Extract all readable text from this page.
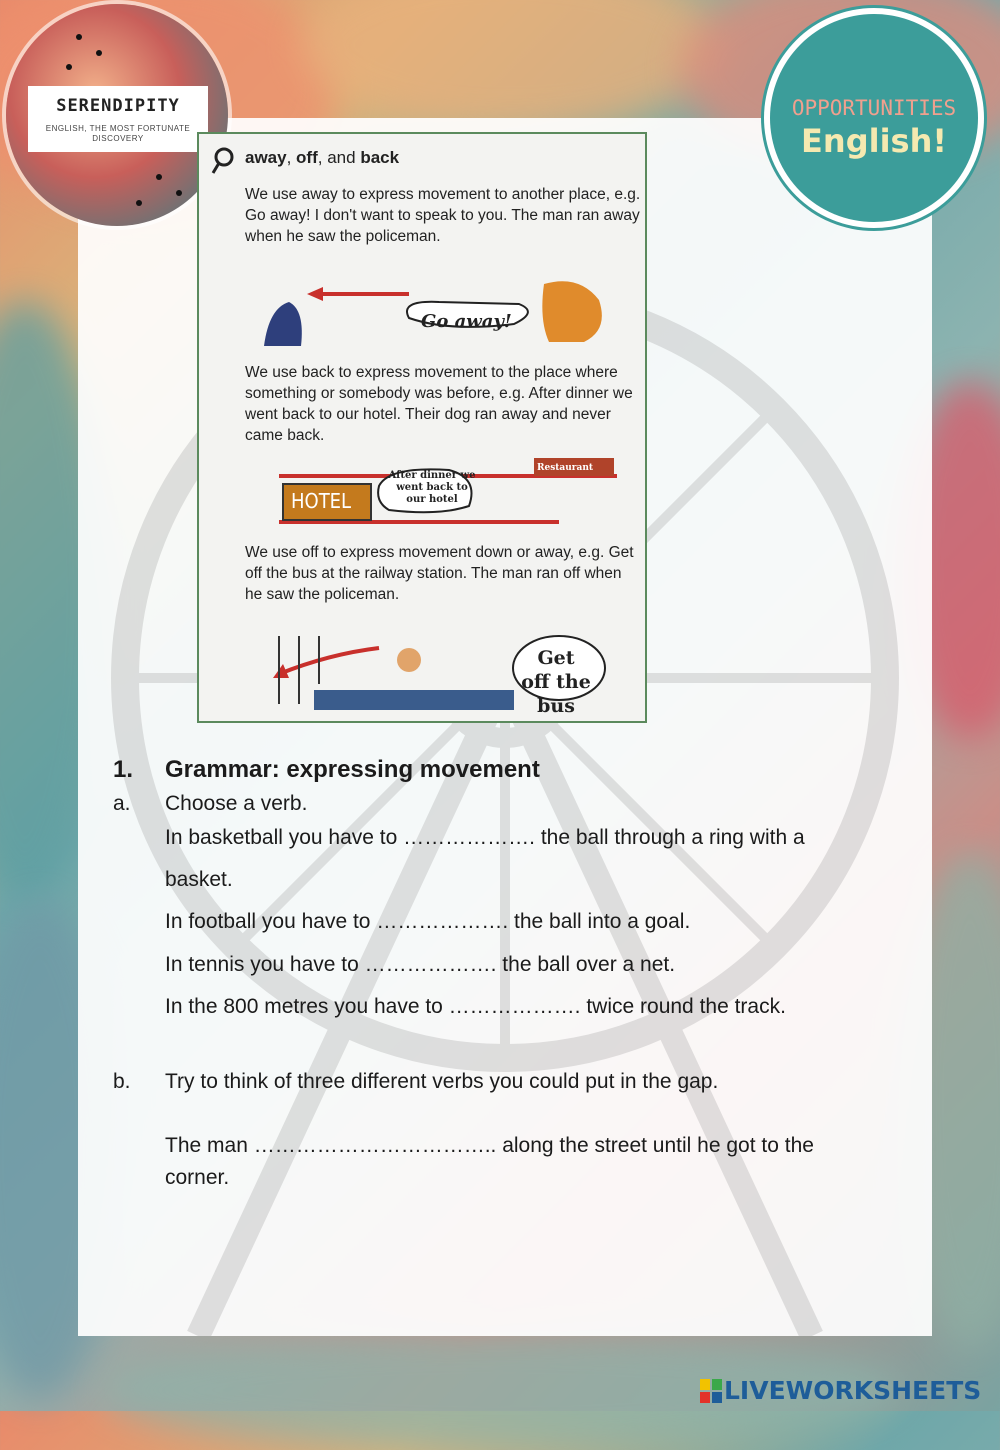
SERENDIPITY
ENGLISH, THE MOST FORTUNATE DISCOVERY
OPPORTUNITIES
English!
away, off, and back
We use away to express movement to another place, e.g. Go away! I don't want to speak to you. The man ran away when he saw the policeman.
Go away!
We use back to express movement to the place where something or somebody was before, e.g. After dinner we went back to our hotel. Their dog ran away and never came back.
HOTEL
Restaurant
After dinner we went back to our hotel
We use off to express movement down or away, e.g. Get off the bus at the railway station. The man ran off when he saw the policeman.
Get off the bus
1. Grammar: expressing movement
a. Choose a verb.
In basketball you have to ………………. the ball through a ring with a
basket.
In football you have to ………………. the ball into a goal.
In tennis you have to ………………. the ball over a net.
In the 800 metres you have to ………………. twice round the track.
b. Try to think of three different verbs you could put in the gap.
The man …………………………….. along the street until he got to the
corner.
LIVEWORKSHEETS
